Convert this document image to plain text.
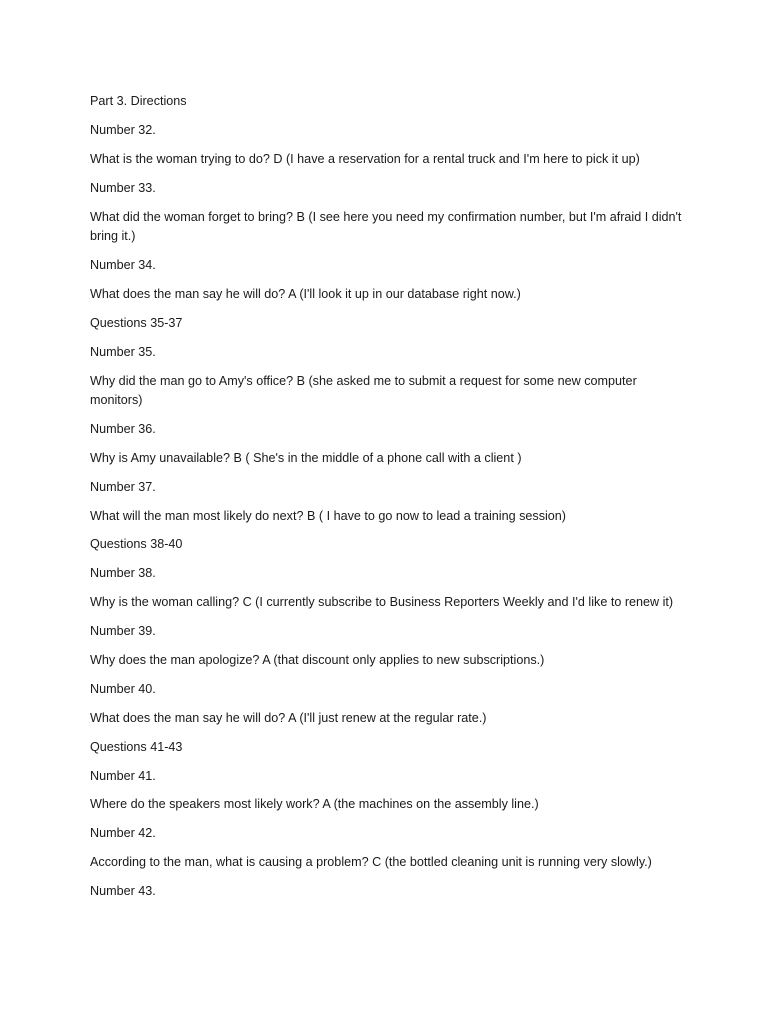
Part 3. Directions

Number 32.

What is the woman trying to do? D (I have a reservation for a rental truck and I'm here to pick it up)

Number 33.

What did the woman forget to bring? B (I see here you need my confirmation number, but I'm afraid I didn't bring it.)

Number 34.

What does the man say he will do? A (I'll look it up in our database right now.)

Questions 35-37

Number 35.

Why did the man go to Amy's office? B (she asked me to submit a request for some new computer monitors)

Number 36.

Why is Amy unavailable? B ( She's in the middle of a phone call with a client )

Number 37.

What will the man most likely do next? B ( I have to go now to lead a training session)

Questions 38-40

Number 38.

Why is the woman calling? C (I currently subscribe to Business Reporters Weekly and I'd like to renew it)

Number 39.

Why does the man apologize? A (that discount only applies to new subscriptions.)

Number 40.

What does the man say he will do? A (I'll just renew at the regular rate.)

Questions 41-43

Number 41.

Where do the speakers most likely work? A (the machines on the assembly line.)

Number 42.

According to the man, what is causing a problem? C (the bottled cleaning unit is running very slowly.)

Number 43.
